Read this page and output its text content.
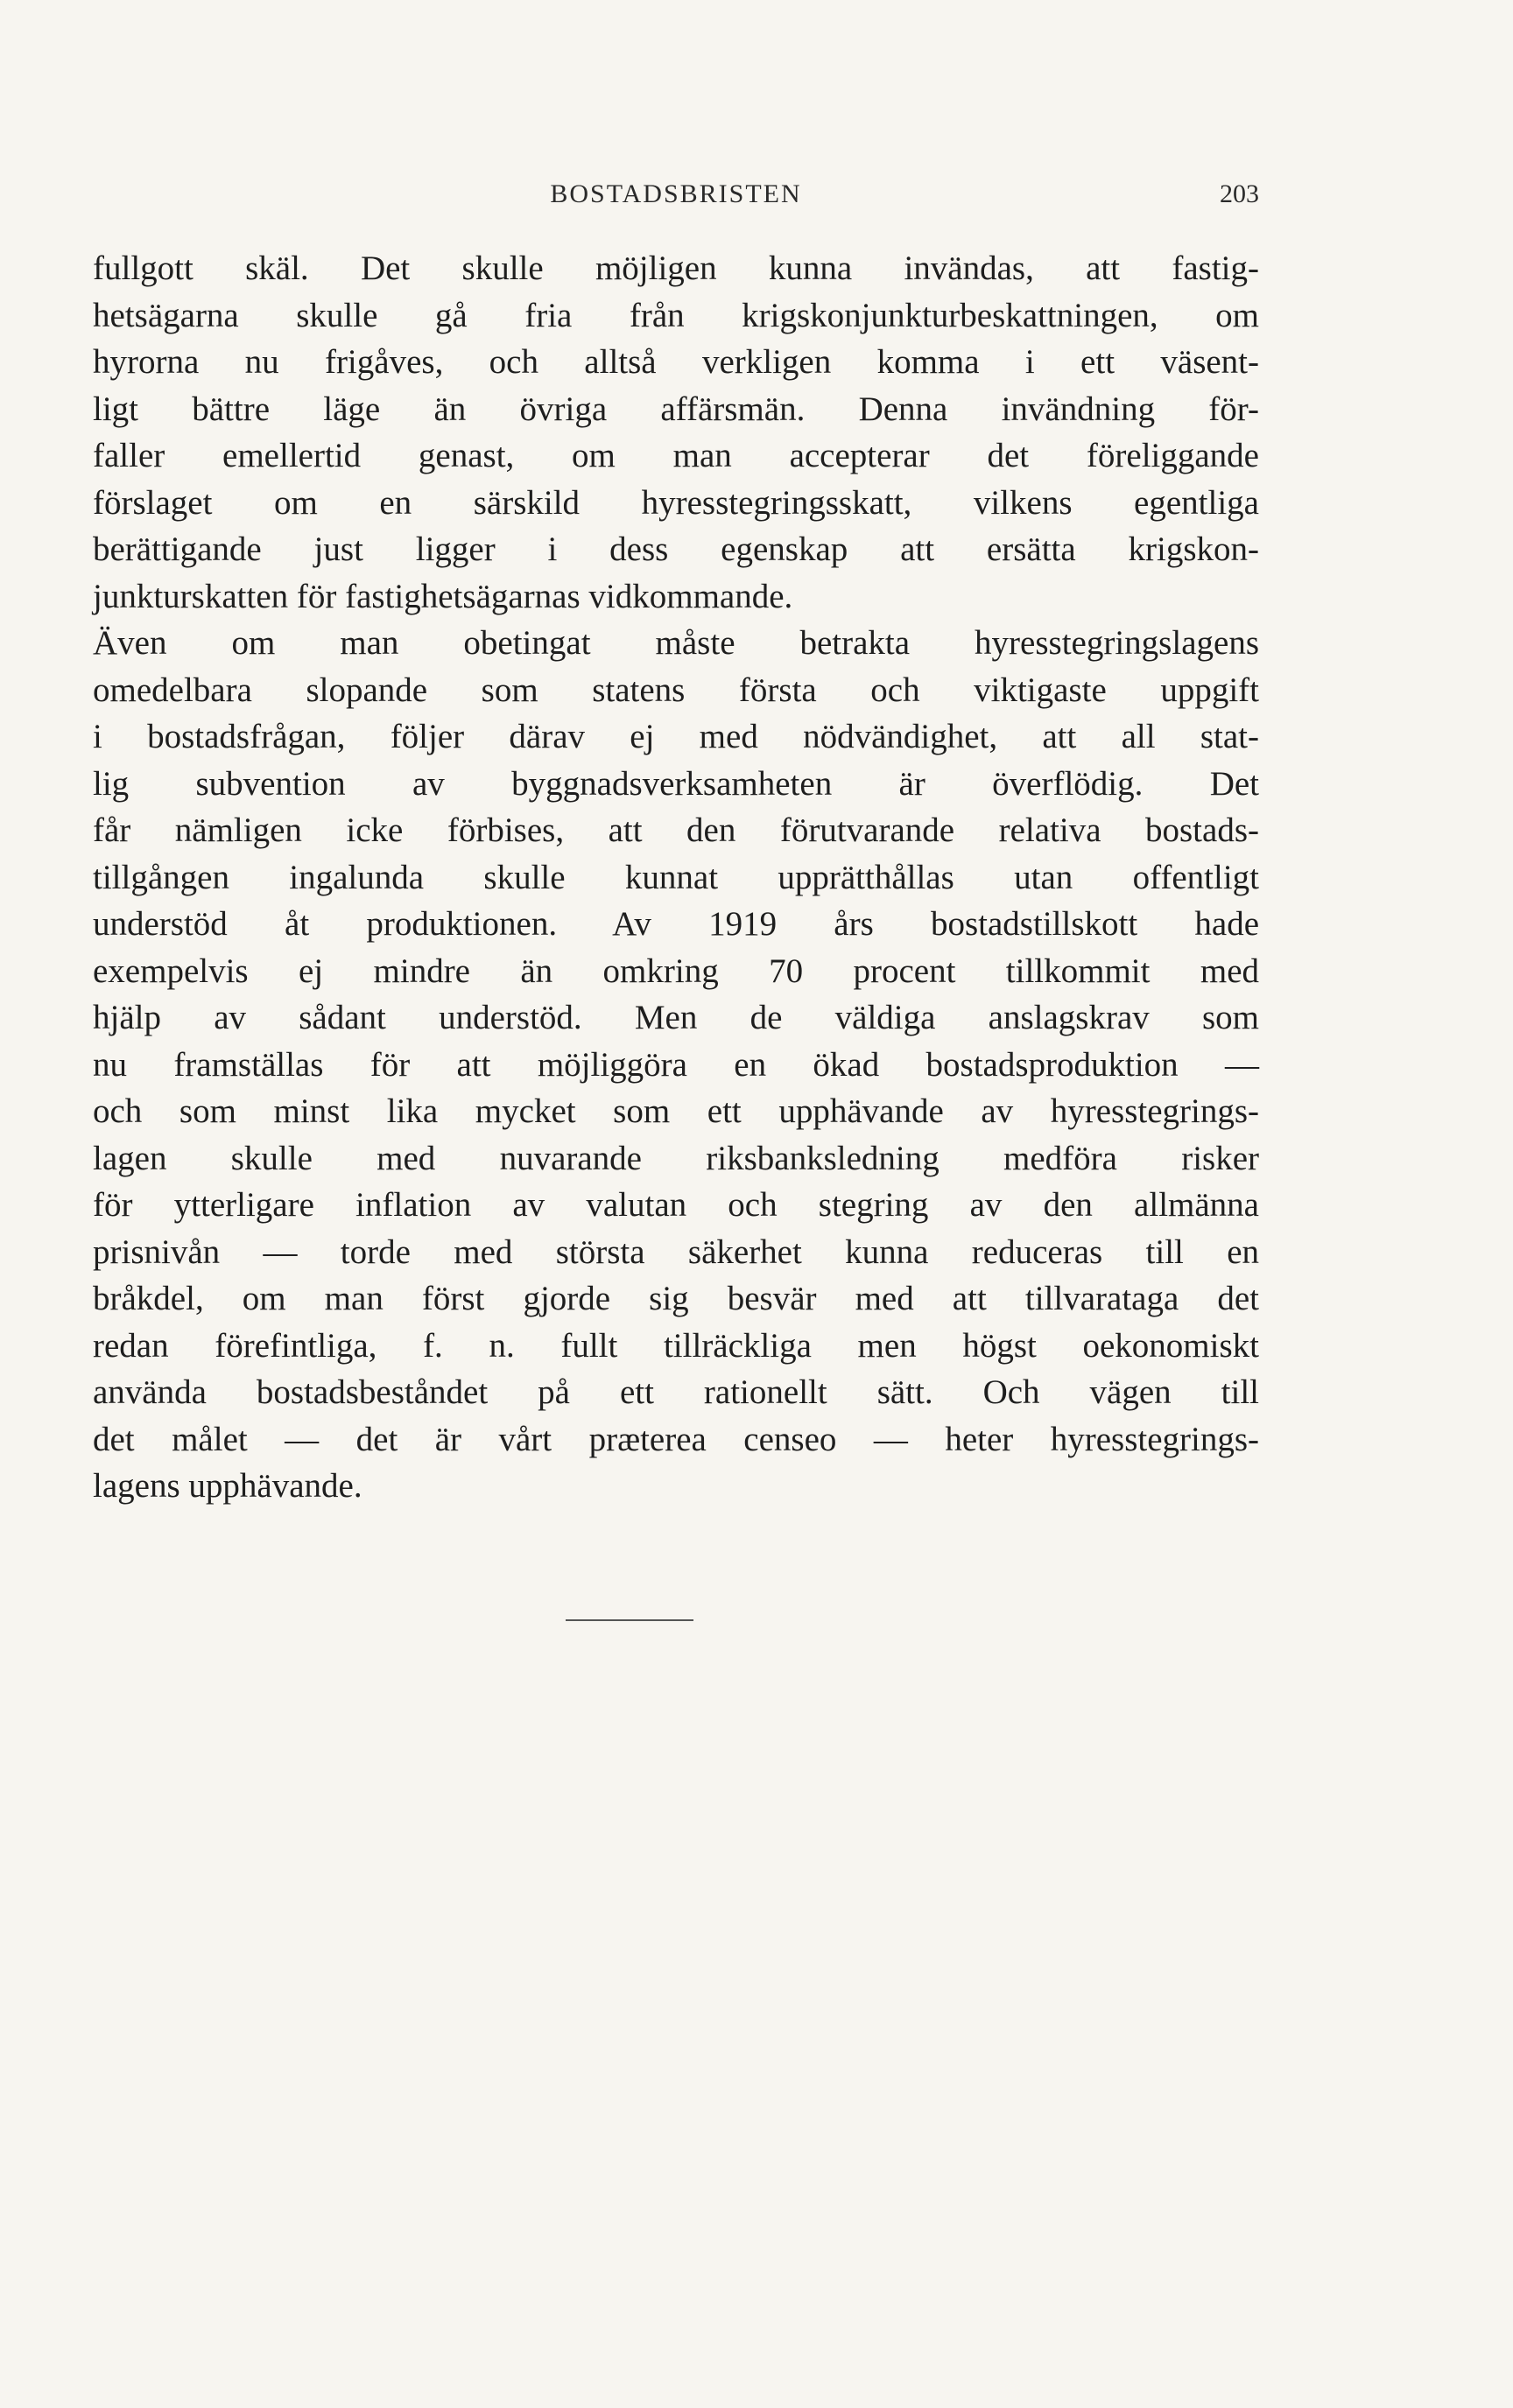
BOSTADSBRISTEN	203
fullgott skäl. Det skulle möjligen kunna invändas, att fastig-
hetsägarna skulle gå fria från krigskonjunkturbeskattningen, om
hyrorna nu frigåves, och alltså verkligen komma i ett väsent-
ligt bättre läge än övriga affärsmän. Denna invändning för-
faller emellertid genast, om man accepterar det föreliggande
förslaget om en särskild hyresstegringsskatt, vilkens egentliga
berättigande just ligger i dess egenskap att ersätta krigskon-
junkturskatten för fastighetsägarnas vidkommande.
Även om man obetingat måste betrakta hyresstegringslagens
omedelbara slopande som statens första och viktigaste uppgift
i bostadsfrågan, följer därav ej med nödvändighet, att all stat-
lig subvention av byggnadsverksamheten är överflödig. Det
får nämligen icke förbises, att den förutvarande relativa bostads-
tillgången ingalunda skulle kunnat upprätthållas utan offentligt
understöd åt produktionen. Av 1919 års bostadstillskott hade
exempelvis ej mindre än omkring 70 procent tillkommit med
hjälp av sådant understöd. Men de väldiga anslagskrav som
nu framställas för att möjliggöra en ökad bostadsproduktion —
och som minst lika mycket som ett upphävande av hyresstegrings-
lagen skulle med nuvarande riksbanksledning medföra risker
för ytterligare inflation av valutan och stegring av den allmänna
prisnivån — torde med största säkerhet kunna reduceras till en
bråkdel, om man först gjorde sig besvär med att tillvarataga det
redan förefintliga, f. n. fullt tillräckliga men högst oekonomiskt
använda bostadsbeståndet på ett rationellt sätt. Och vägen till
det målet — det är vårt præterea censeo — heter hyresstegrings-
lagens upphävande.
